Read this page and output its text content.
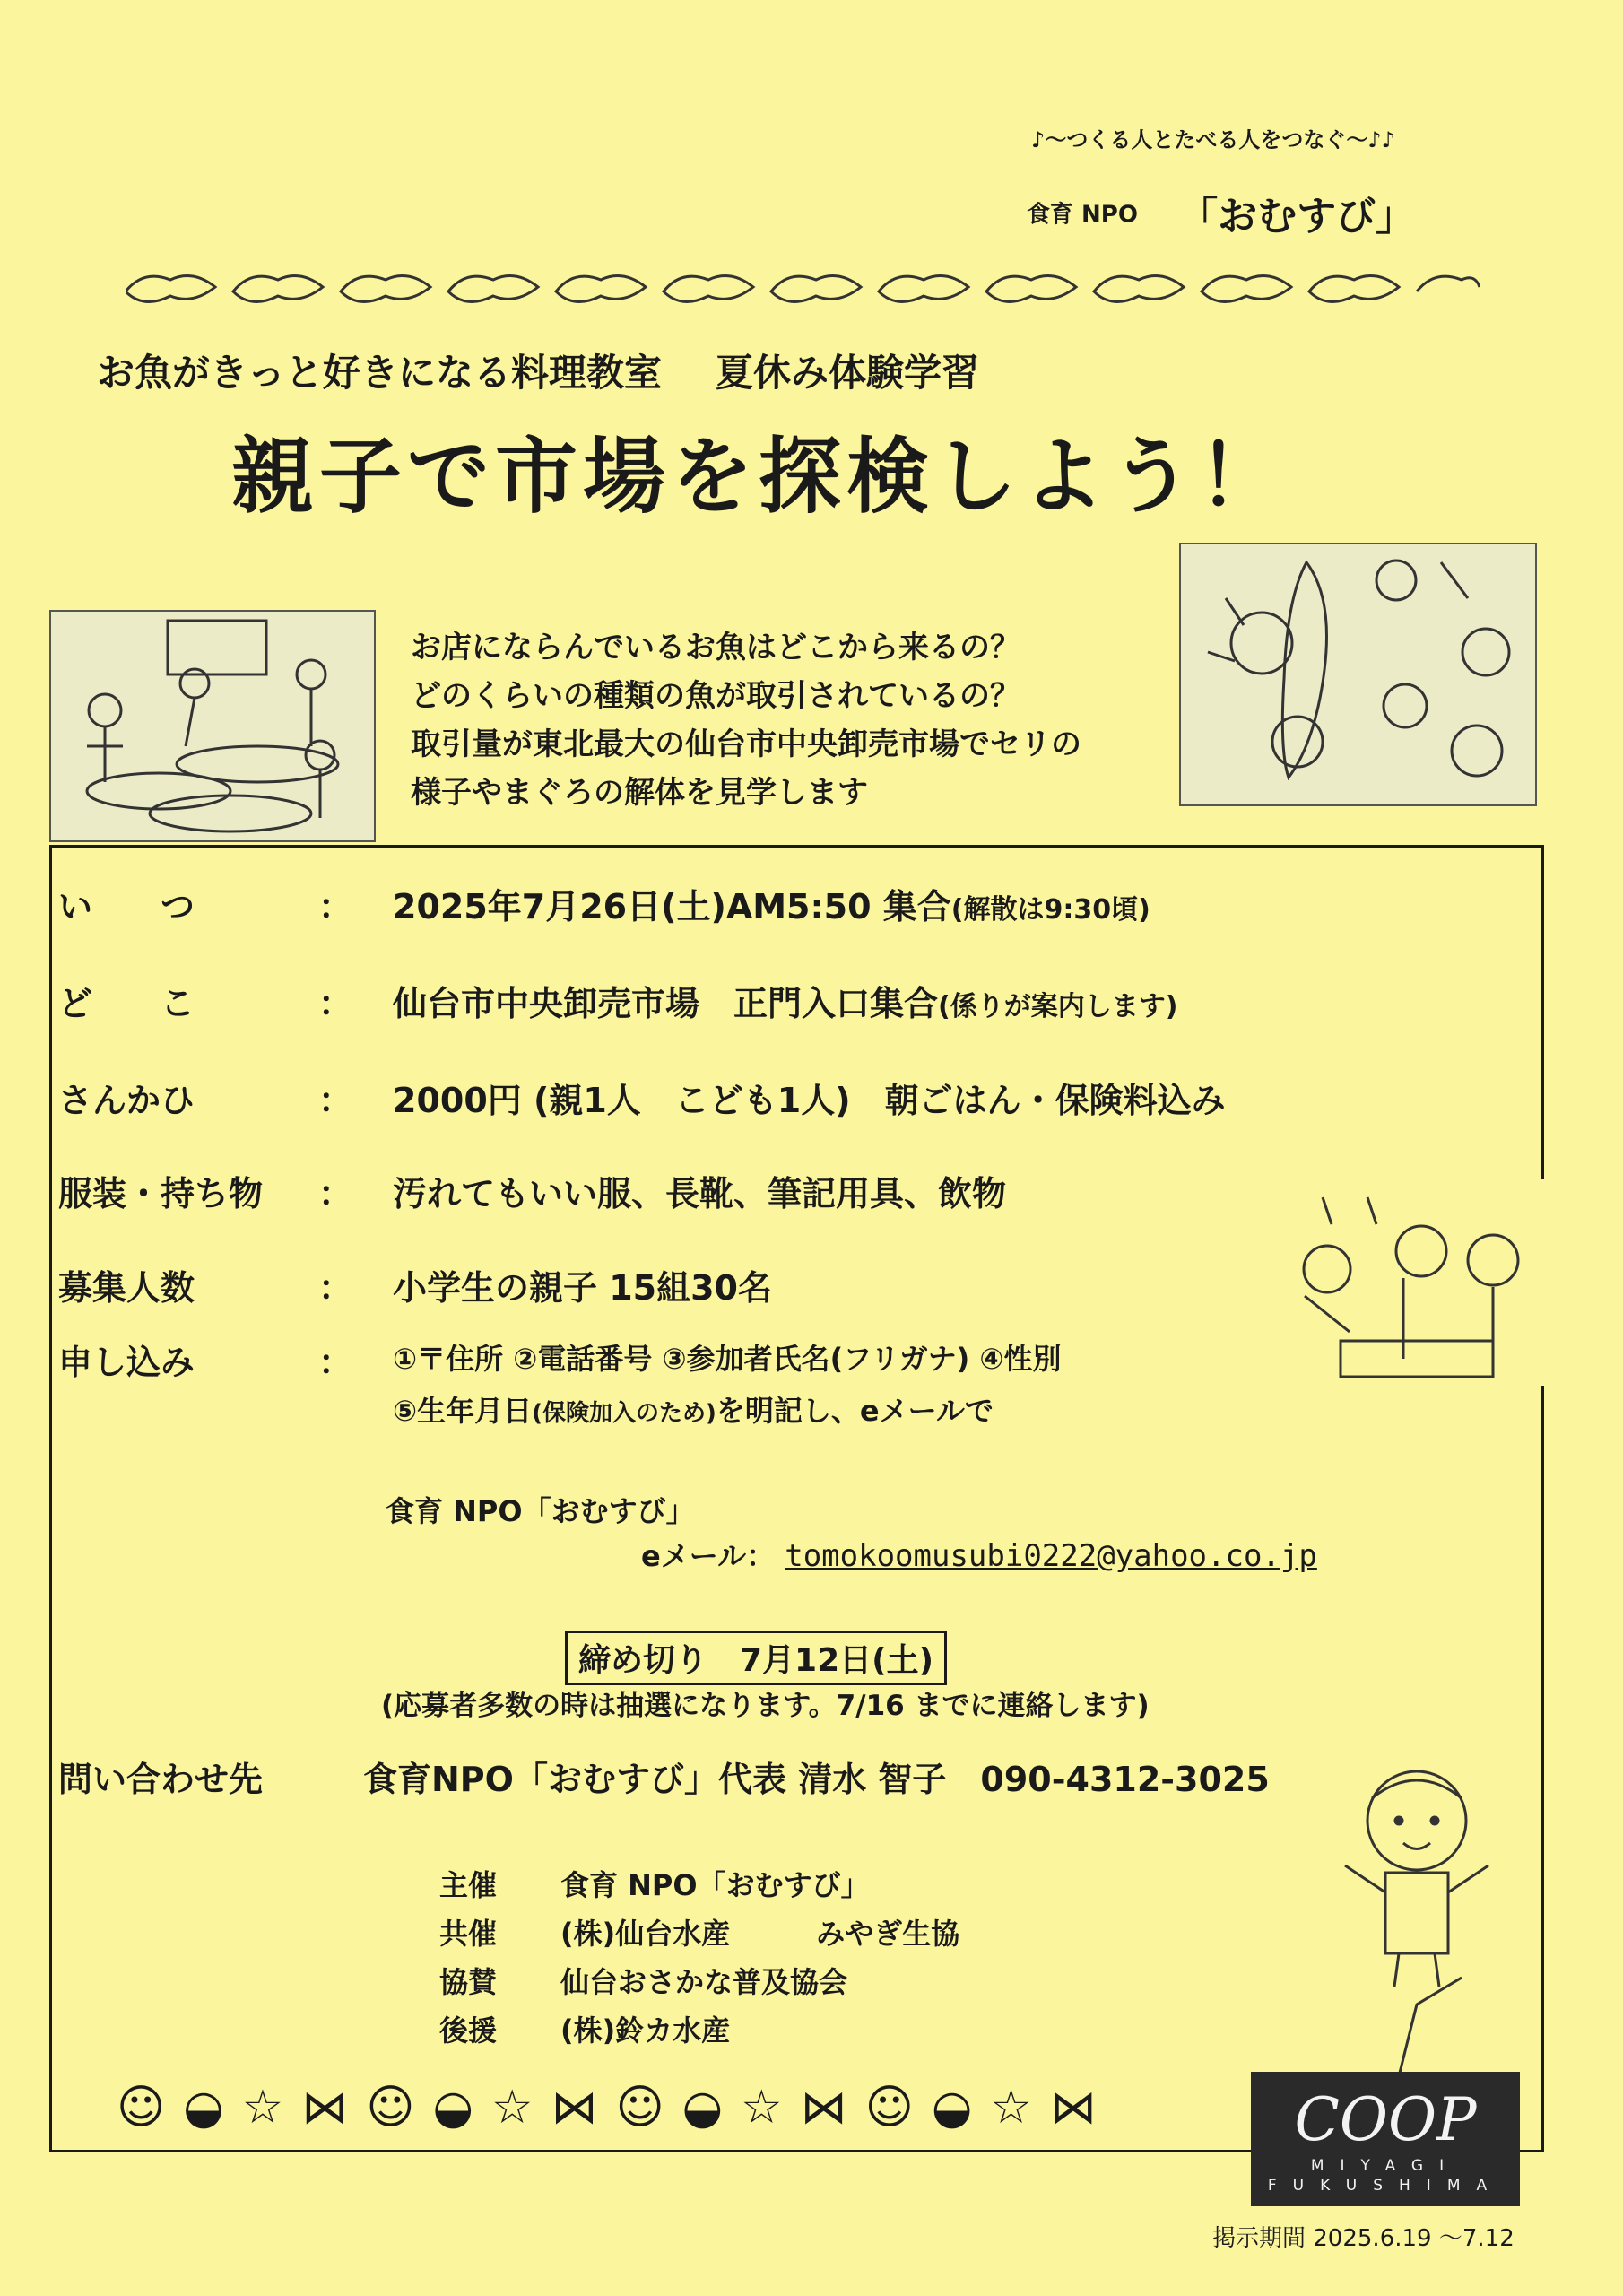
♪〜つくる人とたべる人をつなぐ〜♪♪
食育 NPO 「おむすび」
お魚がきっと好きになる料理教室 夏休み体験学習
親子で市場を探検しよう！
お店にならんでいるお魚はどこから来るの？
どのくらいの種類の魚が取引されているの？
取引量が東北最大の仙台市中央卸売市場でセリの
様子やまぐろの解体を見学します
い　　つ	： 2025年7月26日(土)AM5:50 集合(解散は9:30頃)
ど　　こ	： 仙台市中央卸売市場　正門入口集合(係りが案内します)
さんかひ	： 2000円 (親1人　こども1人)　朝ごはん・保険料込み
服装・持ち物 ： 汚れてもいい服、長靴、筆記用具、飲物
募集人数	： 小学生の親子 15組30名
申し込み	： ①〒住所 ②電話番号 ③参加者氏名(フリガナ) ④性別
⑤生年月日(保険加入のため)を明記し、eメールで
食育 NPO「おむすび」
eメール： tomokoomusubi0222@yahoo.co.jp
締め切り　7月12日(土)
(応募者多数の時は抽選になります。7/16 までに連絡します)
問い合わせ先	食育NPO「おむすび」代表 清水 智子　090-4312-3025
主催 食育 NPO「おむすび」
共催 (株)仙台水産　　　みやぎ生協
協賛 仙台おさかな普及協会
後援 (株)鈴カ水産
☺◒☆⋈☺◒☆⋈☺◒☆⋈☺◒☆⋈	COOP
MIYAGI
FUKUSHIMA
掲示期間 2025.6.19 〜7.12
